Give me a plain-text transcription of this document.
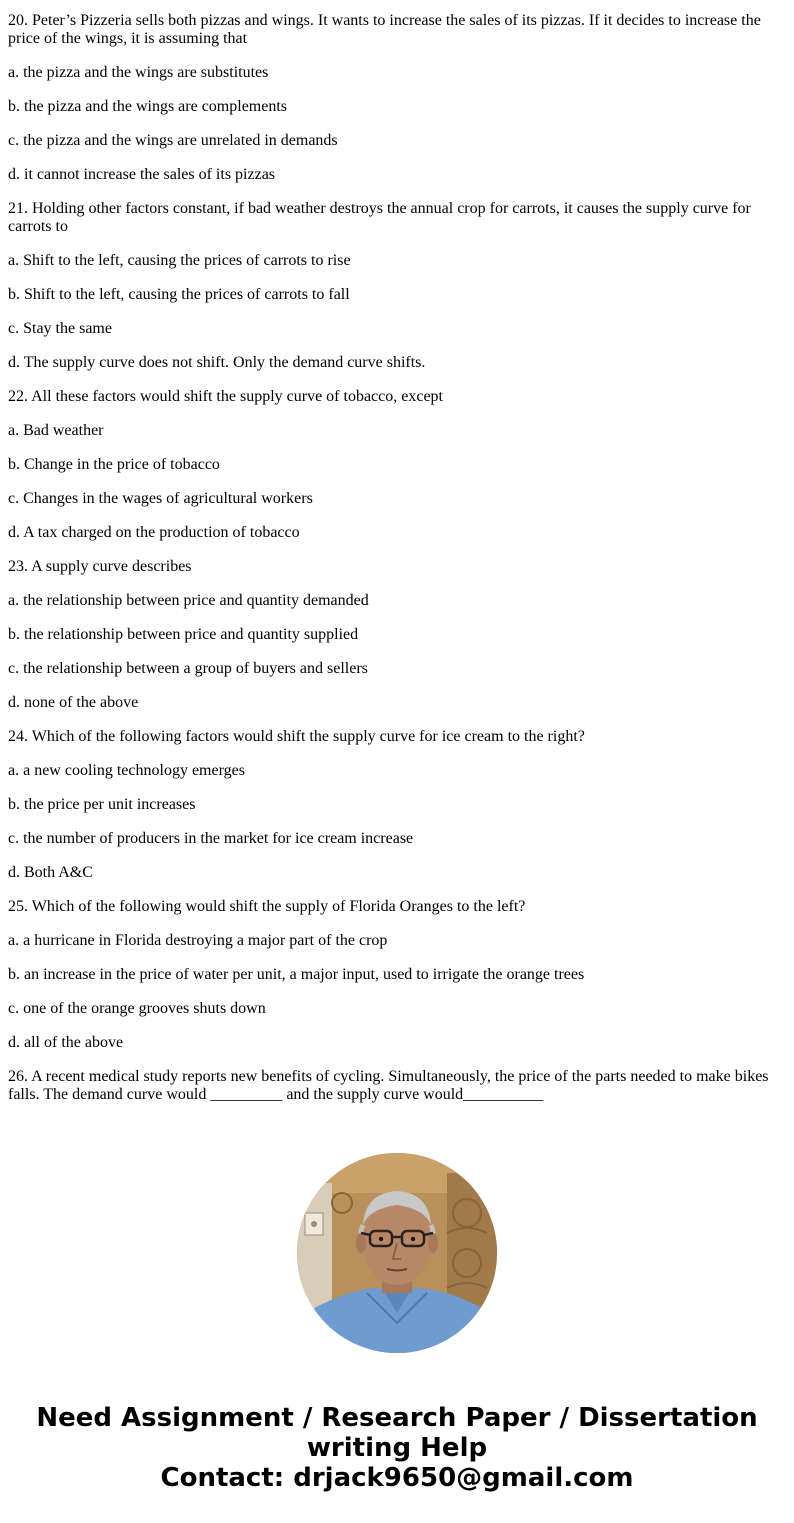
20. Peter’s Pizzeria sells both pizzas and wings. It wants to increase the sales of its pizzas. If it decides to increase the price of the wings, it is assuming that

a. the pizza and the wings are substitutes

b. the pizza and the wings are complements

c. the pizza and the wings are unrelated in demands

d. it cannot increase the sales of its pizzas

21. Holding other factors constant, if bad weather destroys the annual crop for carrots, it causes the supply curve for carrots to

a. Shift to the left, causing the prices of carrots to rise

b. Shift to the left, causing the prices of carrots to fall

c. Stay the same

d. The supply curve does not shift. Only the demand curve shifts.

22. All these factors would shift the supply curve of tobacco, except

a. Bad weather

b. Change in the price of tobacco

c. Changes in the wages of agricultural workers

d. A tax charged on the production of tobacco

23. A supply curve describes

a. the relationship between price and quantity demanded

b. the relationship between price and quantity supplied

c. the relationship between a group of buyers and sellers

d. none of the above

24. Which of the following factors would shift the supply curve for ice cream to the right?

a. a new cooling technology emerges

b. the price per unit increases

c. the number of producers in the market for ice cream increase

d. Both A&C

25. Which of the following would shift the supply of Florida Oranges to the left?

a. a hurricane in Florida destroying a major part of the crop

b. an increase in the price of water per unit, a major input, used to irrigate the orange trees

c. one of the orange grooves shuts down

d. all of the above

26. A recent medical study reports new benefits of cycling. Simultaneously, the price of the parts needed to make bikes falls. The demand curve would _________ and the supply curve would__________

Need Assignment / Research Paper / Dissertation
writing Help
Contact: drjack9650@gmail.com
